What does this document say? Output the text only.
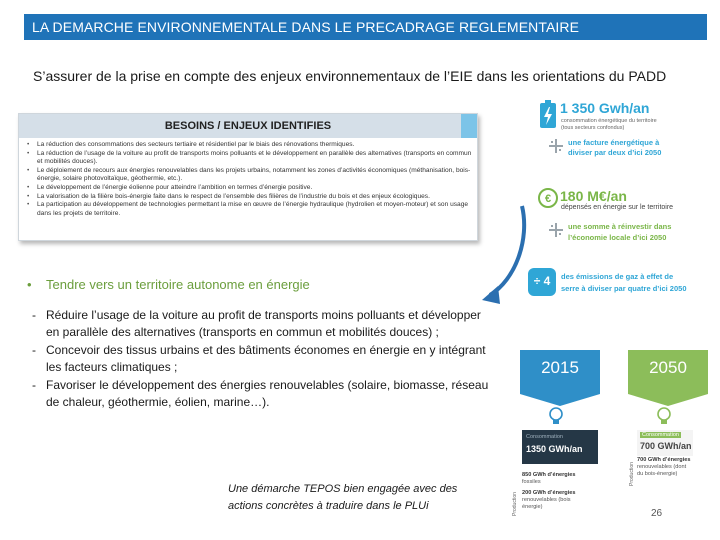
LA DEMARCHE ENVIRONNEMENTALE DANS LE PRECADRAGE REGLEMENTAIRE
S’assurer de la prise en compte des enjeux environnementaux de l’EIE dans les orientations du PADD
BESOINS / ENJEUX IDENTIFIES
• La réduction des consommations des secteurs tertiaire et résidentiel par le biais des rénovations thermiques.
• La réduction de l’usage de la voiture au profit de transports moins polluants et le développement en parallèle des alternatives (transports en commun et mobilités douces).
• Le déploiement de recours aux énergies renouvelables dans les projets urbains, notamment les zones d’activités économiques (méthanisation, bois-énergie, solaire photovoltaïque, géothermie, etc.).
• Le développement de l’énergie éolienne pour atteindre l’ambition en termes d’énergie positive.
• La valorisation de la filière bois-énergie faite dans le respect de l’ensemble des filières de l’industrie du bois et des enjeux écologiques.
• La participation au développement de technologies permettant la mise en œuvre de l’énergie hydraulique (hydrolien et moyen-moteur) et son usage dans les projets de territoire.
• Tendre vers un territoire autonome en énergie
- Réduire l’usage de la voiture au profit de transports moins polluants et développer en parallèle des alternatives (transports en commun et mobilités douces) ;
- Concevoir des tissus urbains et des bâtiments économes en énergie en y intégrant les facteurs climatiques ;
- Favoriser le développement des énergies renouvelables (solaire, biomasse, réseau de chaleur, géothermie, éolien, marine…).
1 350 Gwh/an
consommation énergétique du territoire
(tous secteurs confondus)
une facture énergétique à
diviser par deux d’ici 2050
€ 180 M€/an
dépensés en énergie sur le territoire
une somme à réinvestir dans
l’économie locale d’ici 2050
÷ 4	des émissions de gaz à effet de
serre à diviser par quatre d’ici 2050
2015	2050
Consommation
1350 GWh/an
Consommation
700 GWh/an
Production
Production
850 GWh d’énergies
fossiles
200 GWh d’énergies
renouvelables (bois
énergie)
700 GWh d’énergies
renouvelables (dont
du bois-énergie)
Une démarche TEPOS bien engagée avec des actions concrètes à traduire dans le PLUi
26
